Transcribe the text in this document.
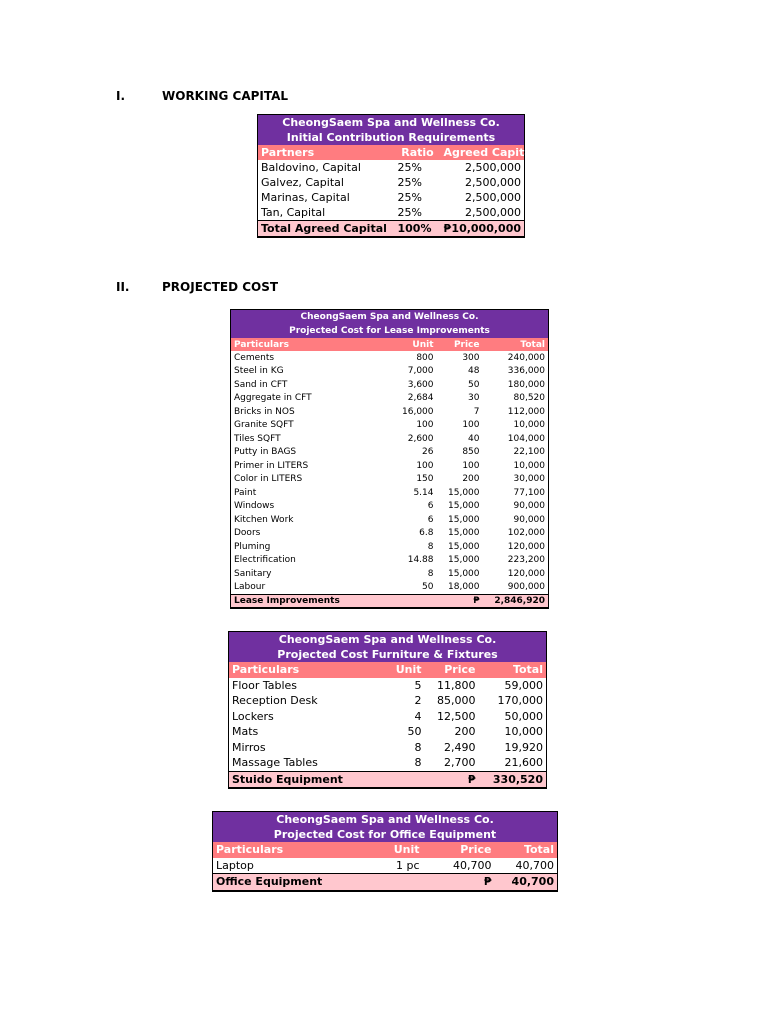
I.	WORKING CAPITAL
II.	PROJECTED COST
CheongSaem Spa and Wellness Co.		
Initial Contribution Requirements		
Partners	Ratio	Agreed Capital
Baldovino, Capital	25%	2,500,000
Galvez, Capital	25%	2,500,000
Marinas, Capital	25%	2,500,000
Tan, Capital	25%	2,500,000
Total Agreed Capital	100%	₱ 10,000,000
CheongSaem Spa and Wellness Co.			
Projected Cost for Lease Improvements			
Particulars	Unit	Price	Total
Cements	800	300	240,000
Steel in KG	7,000	48	336,000
Sand in CFT	3,600	50	180,000
Aggregate in CFT	2,684	30	80,520
Bricks in NOS	16,000	7	112,000
Granite SQFT	100	100	10,000
Tiles SQFT	2,600	40	104,000
Putty in BAGS	26	850	22,100
Primer in LITERS	100	100	10,000
Color in LITERS	150	200	30,000
Paint	5.14	15,000	77,100
Windows	6	15,000	90,000
Kitchen Work	6	15,000	90,000
Doors	6.8	15,000	102,000
Pluming	8	15,000	120,000
Electrification	14.88	15,000	223,200
Sanitary	8	15,000	120,000
Labour	50	18,000	900,000
Lease Improvements		₱	2,846,920
CheongSaem Spa and Wellness Co.			
Projected Cost Furniture & Fixtures			
Particulars	Unit	Price	Total
Floor Tables	5	11,800	59,000
Reception Desk	2	85,000	170,000
Lockers	4	12,500	50,000
Mats	50	200	10,000
Mirros	8	2,490	19,920
Massage Tables	8	2,700	21,600
Stuido Equipment		₱	330,520
CheongSaem Spa and Wellness Co.			
Projected Cost for Office Equipment			
Particulars	Unit	Price	Total
Laptop	1 pc	40,700	40,700
Office Equipment		₱	40,700
